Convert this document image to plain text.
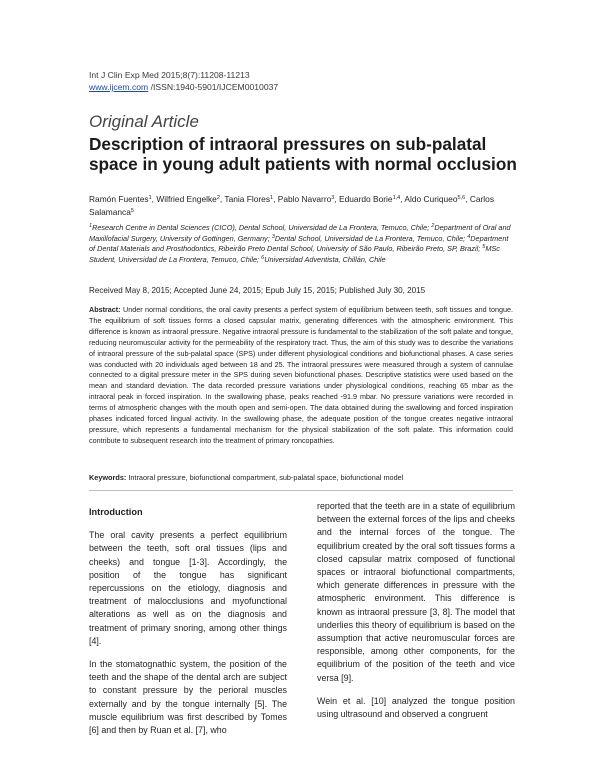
Int J Clin Exp Med 2015;8(7):11208-11213
www.ijcem.com /ISSN:1940-5901/IJCEM0010037
Original Article
Description of intraoral pressures on sub-palatal space in young adult patients with normal occlusion
Ramón Fuentes$^1$, Wilfried Engelke$^2$, Tania Flores$^1$, Pablo Navarro$^3$, Eduardo Borie$^{1,4}$, Aldo Curiqueo$^{5,6}$, Carlos Salamanca$^5$
$^1$Research Centre in Dental Sciences (CICO), Dental School, Universidad de La Frontera, Temuco, Chile; $^2$Department of Oral and Maxillofacial Surgery, University of Gottingen, Germany; $^3$Dental School, Universidad de La Frontera, Temuco, Chile; $^4$Department of Dental Materials and Prosthodontics, Ribeirão Preto Dental School, University of São Paulo, Ribeirão Preto, SP, Brazil; $^5$MSc Student, Universidad de La Frontera, Temuco, Chile; $^6$Universidad Adventista, Chillán, Chile
Received May 8, 2015; Accepted June 24, 2015; Epub July 15, 2015; Published July 30, 2015
Abstract: Under normal conditions, the oral cavity presents a perfect system of equilibrium between teeth, soft tissues and tongue. The equilibrium of soft tissues forms a closed capsular matrix, generating differences with the atmospheric environment. This difference is known as intraoral pressure. Negative intraoral pressure is fundamental to the stabilization of the soft palate and tongue, reducing neuromuscular activity for the permeability of the respiratory tract. Thus, the aim of this study was to describe the variations of intraoral pressure of the sub-palatal space (SPS) under different physiological conditions and biofunctional phases. A case series was conducted with 20 individuals aged between 18 and 25. The intraoral pressures were measured through a system of cannulae connected to a digital pressure meter in the SPS during seven biofunctional phases. Descriptive statistics were used based on the mean and standard deviation. The data recorded pressure variations under physiological conditions, reaching 65 mbar as the intraoral peak in forced inspiration. In the swallowing phase, peaks reached -91.9 mbar. No pressure variations were recorded in terms of atmospheric changes with the mouth open and semi-open. The data obtained during the swallowing and forced inspiration phases indicated forced lingual activity. In the swallowing phase, the adequate position of the tongue creates negative intraoral pressure, which represents a fundamental mechanism for the physical stabilization of the soft palate. This information could contribute to subsequent research into the treatment of primary roncopathies.
Keywords: Intraoral pressure, biofunctional compartment, sub-palatal space, biofunctional model
Introduction

The oral cavity presents a perfect equilibrium between the teeth, soft oral tissues (lips and cheeks) and tongue [1-3]. Accordingly, the position of the tongue has significant repercussions on the etiology, diagnosis and treatment of malocclusions and myofunctional alterations as well as on the diagnosis and treatment of primary snoring, among other things [4].

In the stomatognathic system, the position of the teeth and the shape of the dental arch are subject to constant pressure by the perioral muscles externally and by the tongue internally [5]. The muscle equilibrium was first described by Tomes [6] and then by Ruan et al. [7], who

reported that the teeth are in a state of equilibrium between the external forces of the lips and cheeks and the internal forces of the tongue. The equilibrium created by the oral soft tissues forms a closed capsular matrix composed of functional spaces or intraoral biofunctional compartments, which generate differences in pressure with the atmospheric environment. This difference is known as intraoral pressure [3, 8]. The model that underlies this theory of equilibrium is based on the assumption that active neuromuscular forces are responsible, among other components, for the equilibrium of the position of the teeth and vice versa [9].

Wein et al. [10] analyzed the tongue position using ultrasound and observed a congruent
